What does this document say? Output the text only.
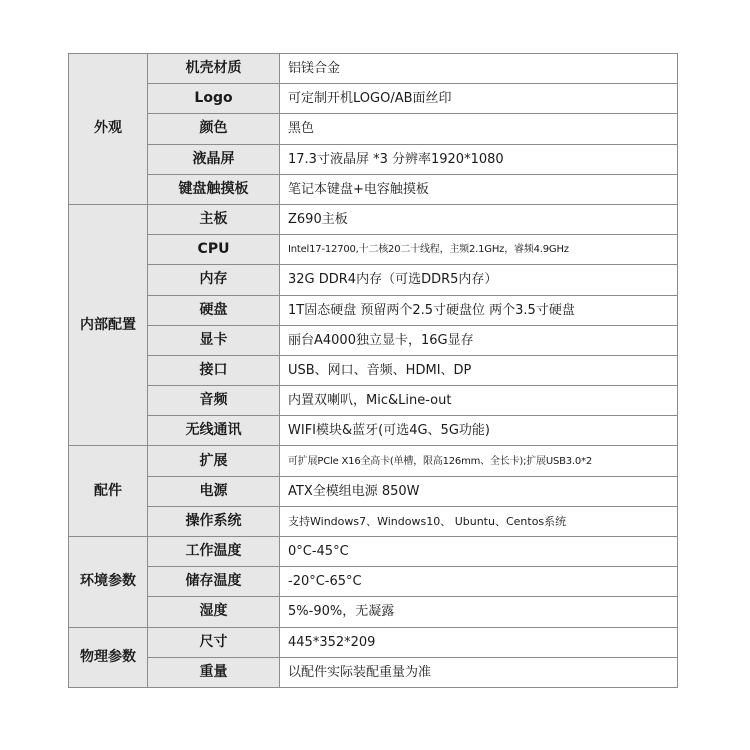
外观	机壳材质	铝镁合金
	Logo	可定制开机LOGO/AB面丝印
	颜色	黑色
	液晶屏	17.3寸液晶屏 *3 分辨率1920*1080
	键盘触摸板	笔记本键盘+电容触摸板
内部配置	主板	Z690主板
	CPU	Intel17-12700,十二核20二十线程，主频2.1GHz，睿频4.9GHz
	内存	32G DDR4内存（可选DDR5内存）
	硬盘	1T固态硬盘 预留两个2.5寸硬盘位 两个3.5寸硬盘
	显卡	丽台A4000独立显卡，16G显存
	接口	USB、网口、音频、HDMI、DP
	音频	内置双喇叭，Mic&Line-out
	无线通讯	WIFI模块&蓝牙(可选4G、5G功能)
配件	扩展	可扩展PCle X16全高卡(单槽，限高126mm、全长卡);扩展USB3.0*2
	电源	ATX全模组电源 850W
	操作系统	支持Windows7、Windows10、 Ubuntu、Centos系统
环境参数	工作温度	0°C-45°C
	储存温度	-20°C-65°C
	湿度	5%-90%，无凝露
物理参数	尺寸	445*352*209
	重量	以配件实际装配重量为准
